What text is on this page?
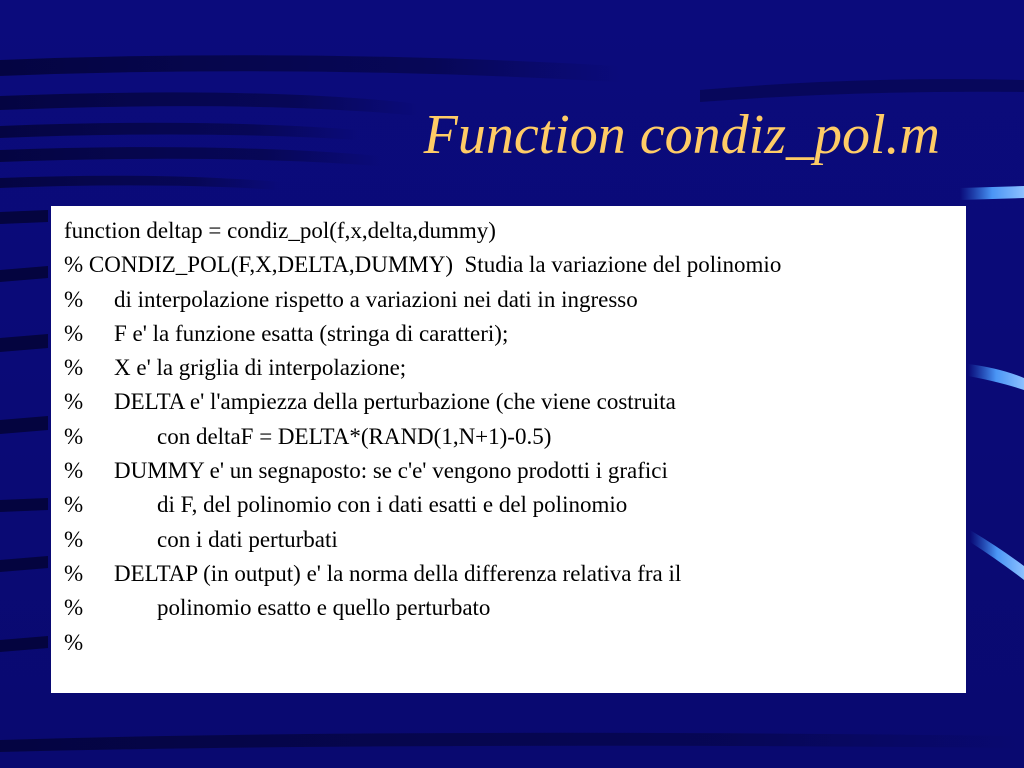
Function condiz_pol.m
function deltap = condiz_pol(f,x,delta,dummy)
% CONDIZ_POL(F,X,DELTA,DUMMY)  Studia la variazione del polinomio
%	di interpolazione rispetto a variazioni nei dati in ingresso
%	F e' la funzione esatta (stringa di caratteri);
%	X e' la griglia di interpolazione;
%	DELTA e' l'ampiezza della perturbazione (che viene costruita
%	con deltaF = DELTA*(RAND(1,N+1)-0.5)
%	DUMMY e' un segnaposto: se c'e' vengono prodotti i grafici
%	di F, del polinomio con i dati esatti e del polinomio
%	con i dati perturbati
%	DELTAP (in output) e' la norma della differenza relativa fra il
%	polinomio esatto e quello perturbato
%
